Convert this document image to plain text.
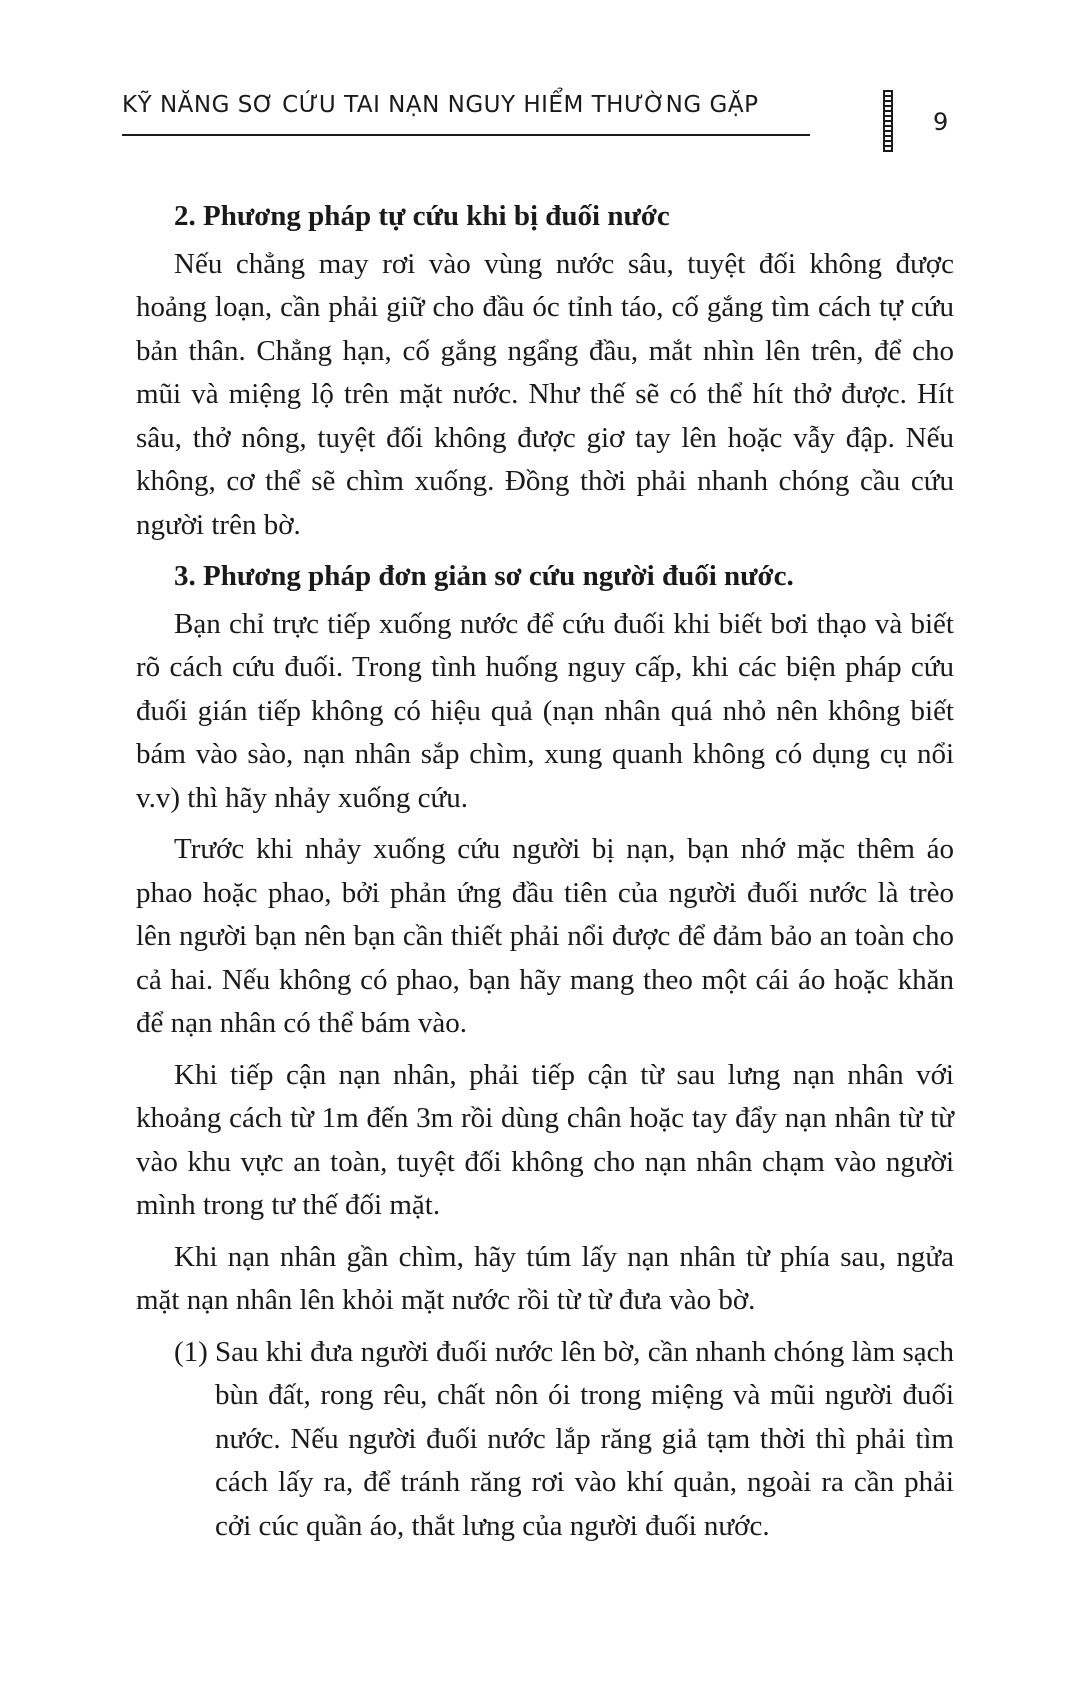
KỸ NĂNG SƠ CỨU TAI NẠN NGUY HIỂM THƯỜNG GẶP
9
2. Phương pháp tự cứu khi bị đuối nước

Nếu chẳng may rơi vào vùng nước sâu, tuyệt đối không được hoảng loạn, cần phải giữ cho đầu óc tỉnh táo, cố gắng tìm cách tự cứu bản thân. Chẳng hạn, cố gắng ngẩng đầu, mắt nhìn lên trên, để cho mũi và miệng lộ trên mặt nước. Như thế sẽ có thể hít thở được. Hít sâu, thở nông, tuyệt đối không được giơ tay lên hoặc vẫy đập. Nếu không, cơ thể sẽ chìm xuống. Đồng thời phải nhanh chóng cầu cứu người trên bờ.

3. Phương pháp đơn giản sơ cứu người đuối nước.

Bạn chỉ trực tiếp xuống nước để cứu đuối khi biết bơi thạo và biết rõ cách cứu đuối. Trong tình huống nguy cấp, khi các biện pháp cứu đuối gián tiếp không có hiệu quả (nạn nhân quá nhỏ nên không biết bám vào sào, nạn nhân sắp chìm, xung quanh không có dụng cụ nổi v.v) thì hãy nhảy xuống cứu.

Trước khi nhảy xuống cứu người bị nạn, bạn nhớ mặc thêm áo phao hoặc phao, bởi phản ứng đầu tiên của người đuối nước là trèo lên người bạn nên bạn cần thiết phải nổi được để đảm bảo an toàn cho cả hai. Nếu không có phao, bạn hãy mang theo một cái áo hoặc khăn để nạn nhân có thể bám vào.

Khi tiếp cận nạn nhân, phải tiếp cận từ sau lưng nạn nhân với khoảng cách từ 1m đến 3m rồi dùng chân hoặc tay đẩy nạn nhân từ từ vào khu vực an toàn, tuyệt đối không cho nạn nhân chạm vào người mình trong tư thế đối mặt.

Khi nạn nhân gần chìm, hãy túm lấy nạn nhân từ phía sau, ngửa mặt nạn nhân lên khỏi mặt nước rồi từ từ đưa vào bờ.

(1) Sau khi đưa người đuối nước lên bờ, cần nhanh chóng làm sạch bùn đất, rong rêu, chất nôn ói trong miệng và mũi người đuối nước. Nếu người đuối nước lắp răng giả tạm thời thì phải tìm cách lấy ra, để tránh răng rơi vào khí quản, ngoài ra cần phải cởi cúc quần áo, thắt lưng của người đuối nước.
